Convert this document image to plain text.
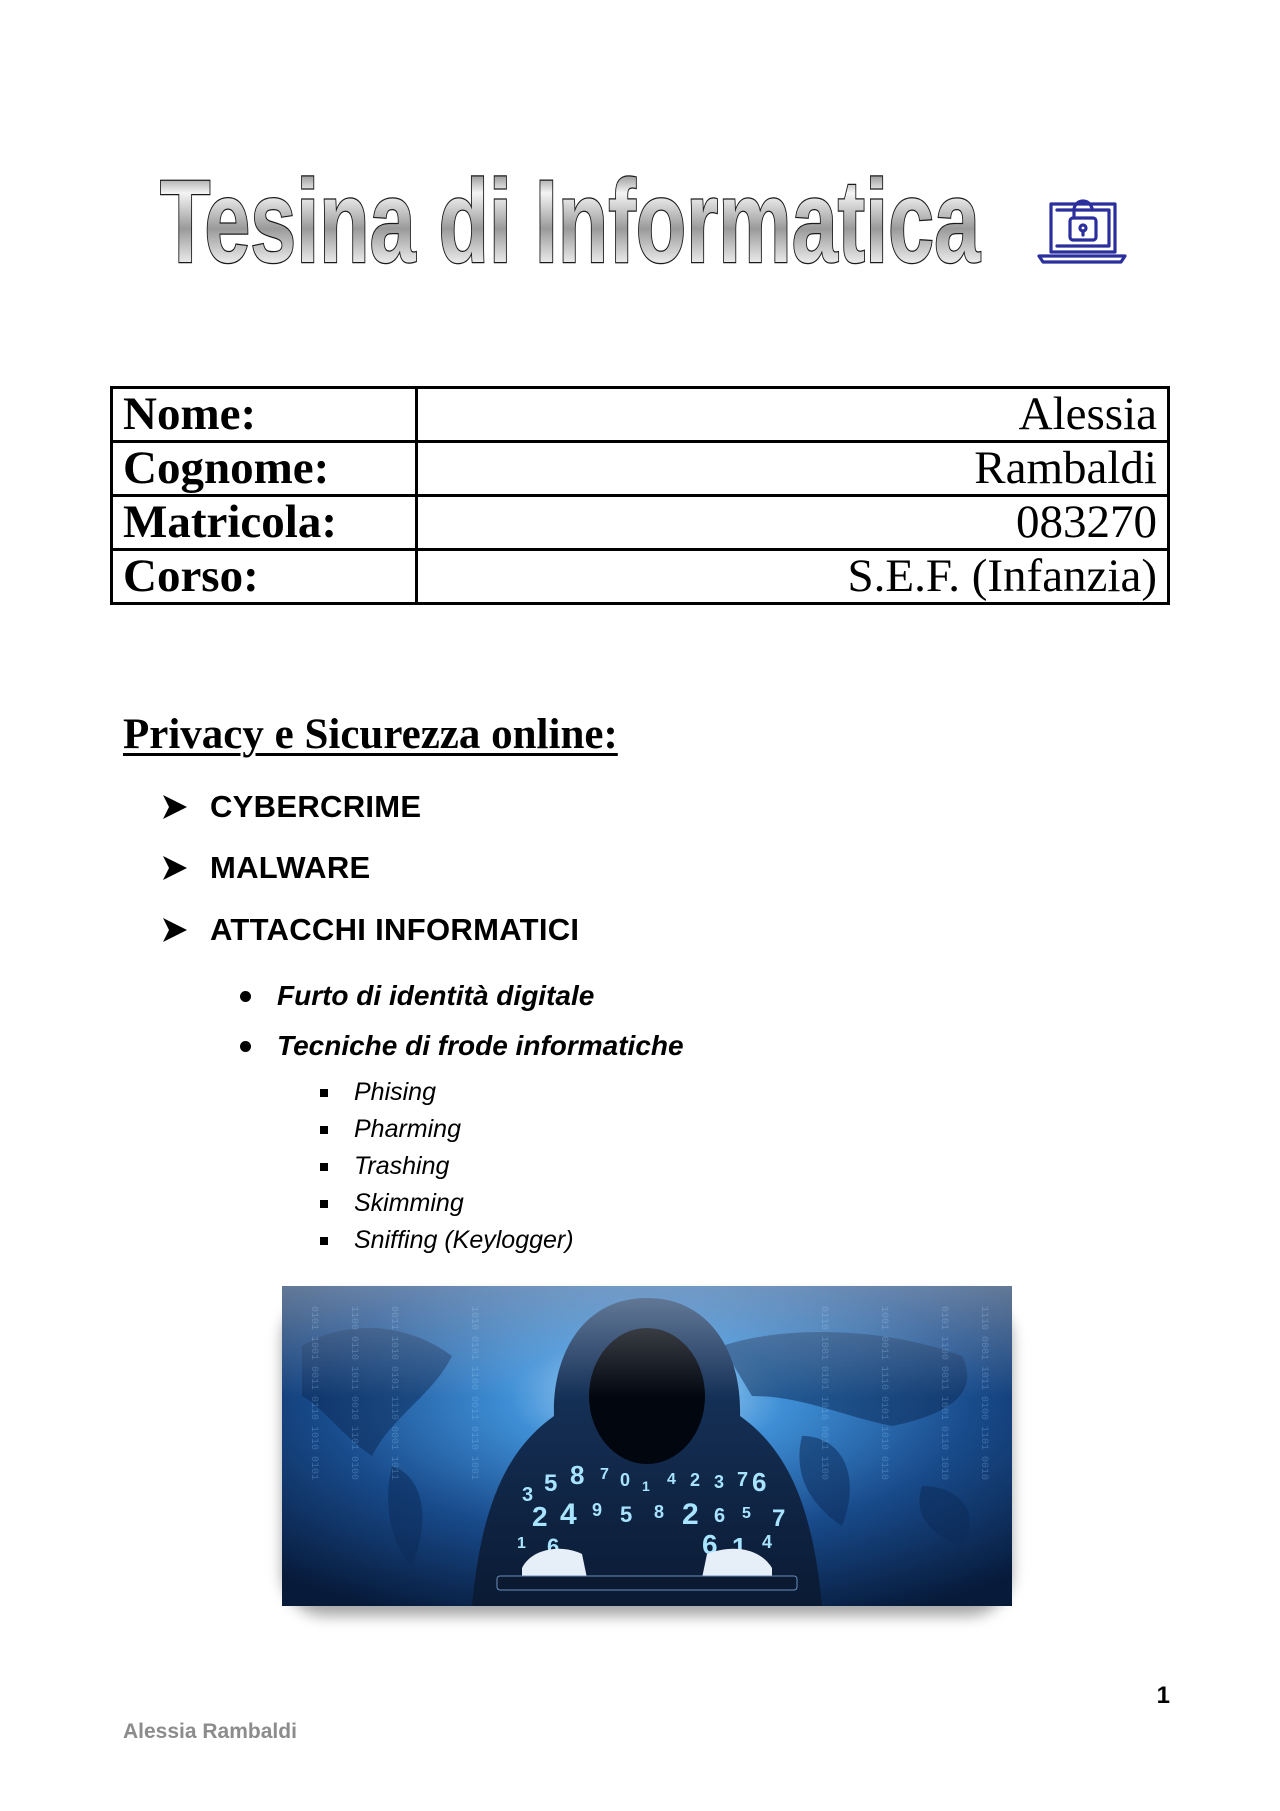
Tesina di Informatica
Nome:	Alessia
Cognome:	Rambaldi
Matricola:	083270
Corso:	S.E.F. (Infanzia)
Privacy e Sicurezza online:
CYBERCRIME
MALWARE
ATTACCHI INFORMATICI
Furto di identità digitale
Tecniche di frode informatiche
Phising
Pharming
Trashing
Skimming
Sniffing (Keylogger)
1
Alessia Rambaldi
